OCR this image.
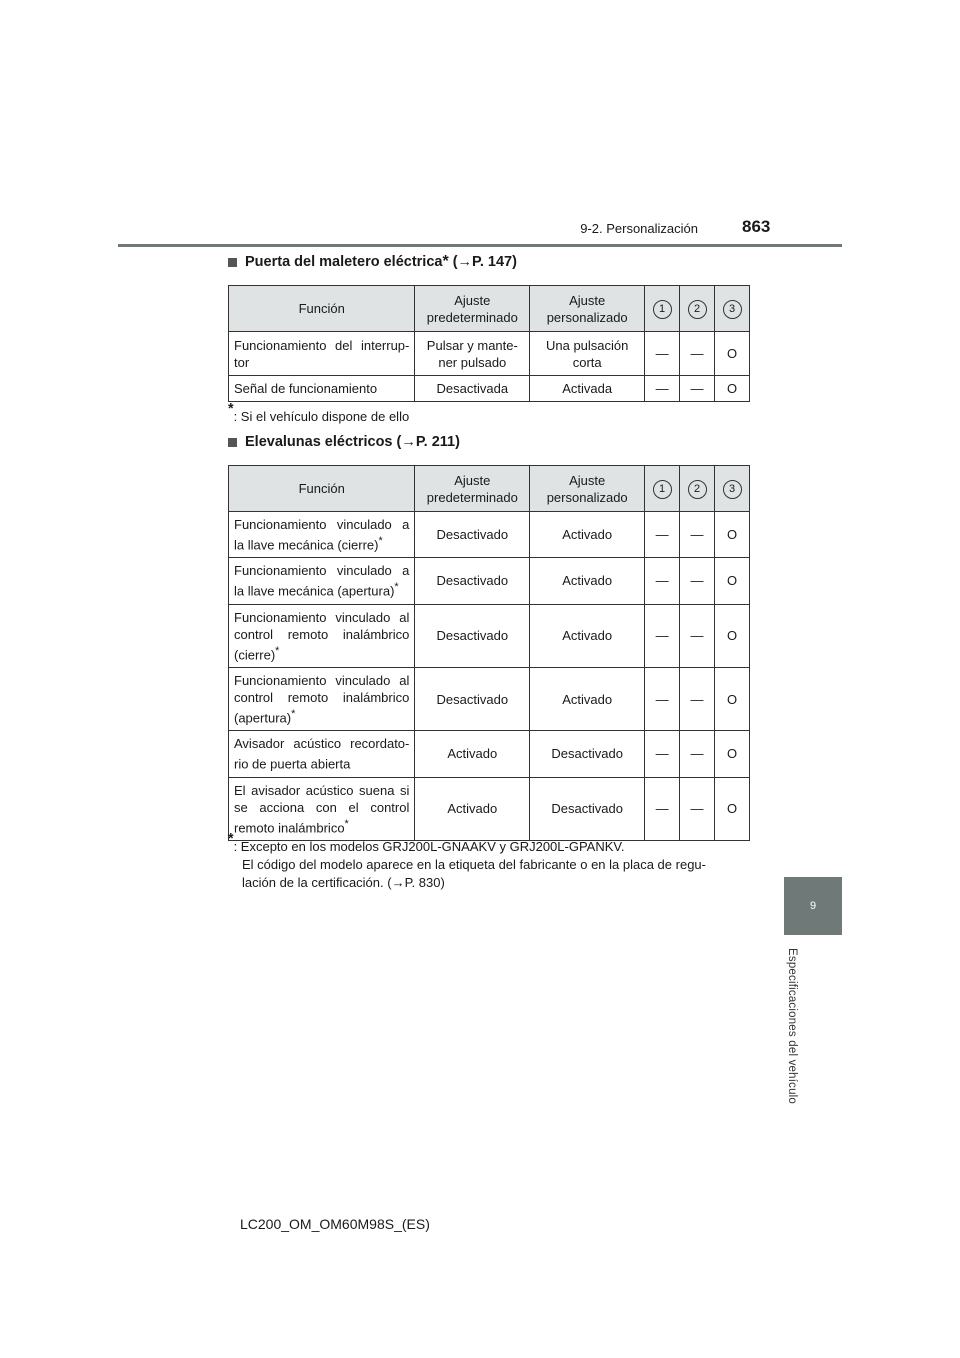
9-2. Personalización	863
9
Especificaciones del vehículo
Puerta del maletero eléctrica *
(→P. 147)
Función	Ajuste predeterminado	Ajuste personalizado	1	2	3
Funcionamiento del interrup-tor	Pulsar y mante-ner pulsado	Una pulsación corta	—	—	O
Señal de funcionamiento	Desactivada	Activada	—	—	O
*: Si el vehículo dispone de ello
Elevalunas eléctricos
(→P. 211)
Función	Ajuste predeterminado	Ajuste personalizado	1	2	3
Funcionamiento vinculado a la llave mecánica (cierre)*	Desactivado	Activado	—	—	O
Funcionamiento vinculado a la llave mecánica (apertura)*	Desactivado	Activado	—	—	O
Funcionamiento vinculado al control remoto inalámbrico (cierre)*	Desactivado	Activado	—	—	O
Funcionamiento vinculado al control remoto inalámbrico (apertura)*	Desactivado	Activado	—	—	O
Avisador acústico recordato-rio de puerta abierta	Activado	Desactivado	—	—	O
El avisador acústico suena si se acciona con el control remoto inalámbrico*	Activado	Desactivado	—	—	O
*: Excepto en los modelos GRJ200L-GNAAKV y GRJ200L-GPANKV.
El código del modelo aparece en la etiqueta del fabricante o en la placa de regu-
lación de la certificación. (→P. 830)
LC200_OM_OM60M98S_(ES)
